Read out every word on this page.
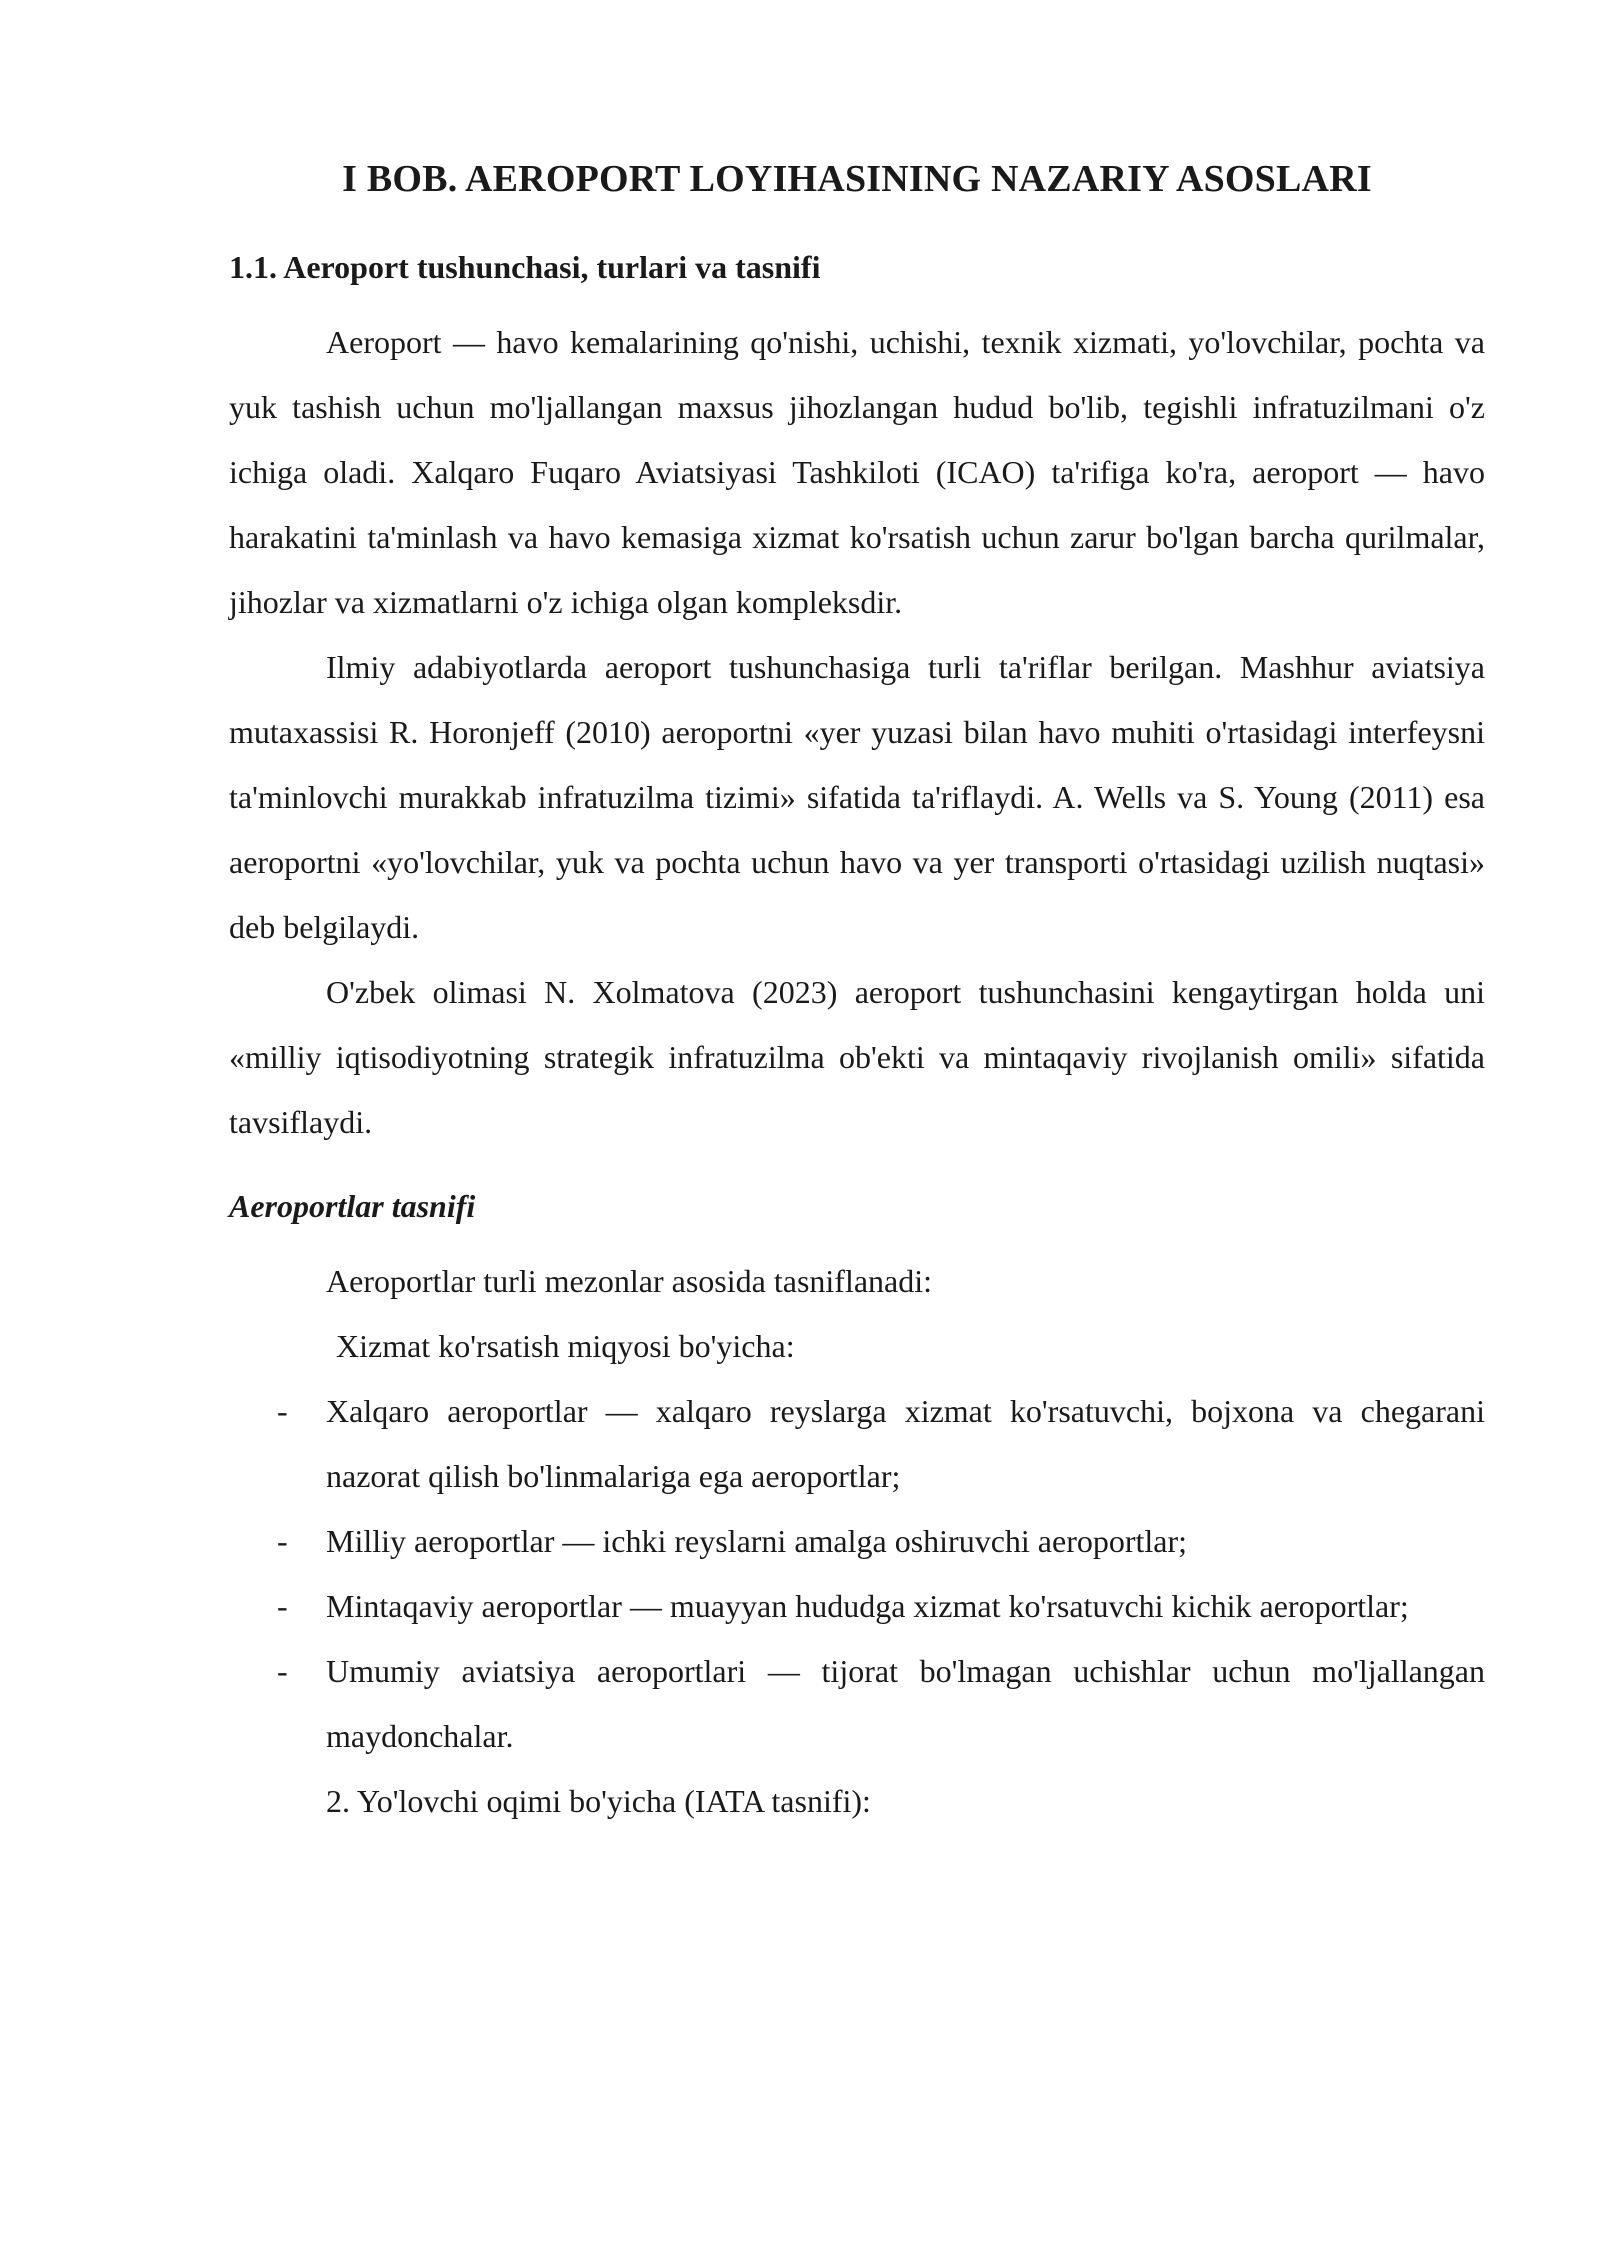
I BOB. AEROPORT LOYIHASINING NAZARIY ASOSLARI
1.1. Aeroport tushunchasi, turlari va tasnifi

Aeroport — havo kemalarining qo'nishi, uchishi, texnik xizmati, yo'lovchilar, pochta va yuk tashish uchun mo'ljallangan maxsus jihozlangan hudud bo'lib, tegishli infratuzilmani o'z ichiga oladi. Xalqaro Fuqaro Aviatsiyasi Tashkiloti (ICAO) ta'rifiga ko'ra, aeroport — havo harakatini ta'minlash va havo kemasiga xizmat ko'rsatish uchun zarur bo'lgan barcha qurilmalar, jihozlar va xizmatlarni o'z ichiga olgan kompleksdir.

Ilmiy adabiyotlarda aeroport tushunchasiga turli ta'riflar berilgan. Mashhur aviatsiya mutaxassisi R. Horonjeff (2010) aeroportni «yer yuzasi bilan havo muhiti o'rtasidagi interfeysni ta'minlovchi murakkab infratuzilma tizimi» sifatida ta'riflaydi. A. Wells va S. Young (2011) esa aeroportni «yo'lovchilar, yuk va pochta uchun havo va yer transporti o'rtasidagi uzilish nuqtasi» deb belgilaydi.

O'zbek olimasi N. Xolmatova (2023) aeroport tushunchasini kengaytirgan holda uni «milliy iqtisodiyotning strategik infratuzilma ob'ekti va mintaqaviy rivojlanish omili» sifatida tavsiflaydi.

Aeroportlar tasnifi

Aeroportlar turli mezonlar asosida tasniflanadi:

Xizmat ko'rsatish miqyosi bo'yicha:

- Xalqaro aeroportlar — xalqaro reyslarga xizmat ko'rsatuvchi, bojxona va chegarani nazorat qilish bo'linmalariga ega aeroportlar;
- Milliy aeroportlar — ichki reyslarni amalga oshiruvchi aeroportlar;
- Mintaqaviy aeroportlar — muayyan hududga xizmat ko'rsatuvchi kichik aeroportlar;
- Umumiy aviatsiya aeroportlari — tijorat bo'lmagan uchishlar uchun mo'ljallangan maydonchalar.

2. Yo'lovchi oqimi bo'yicha (IATA tasnifi):
